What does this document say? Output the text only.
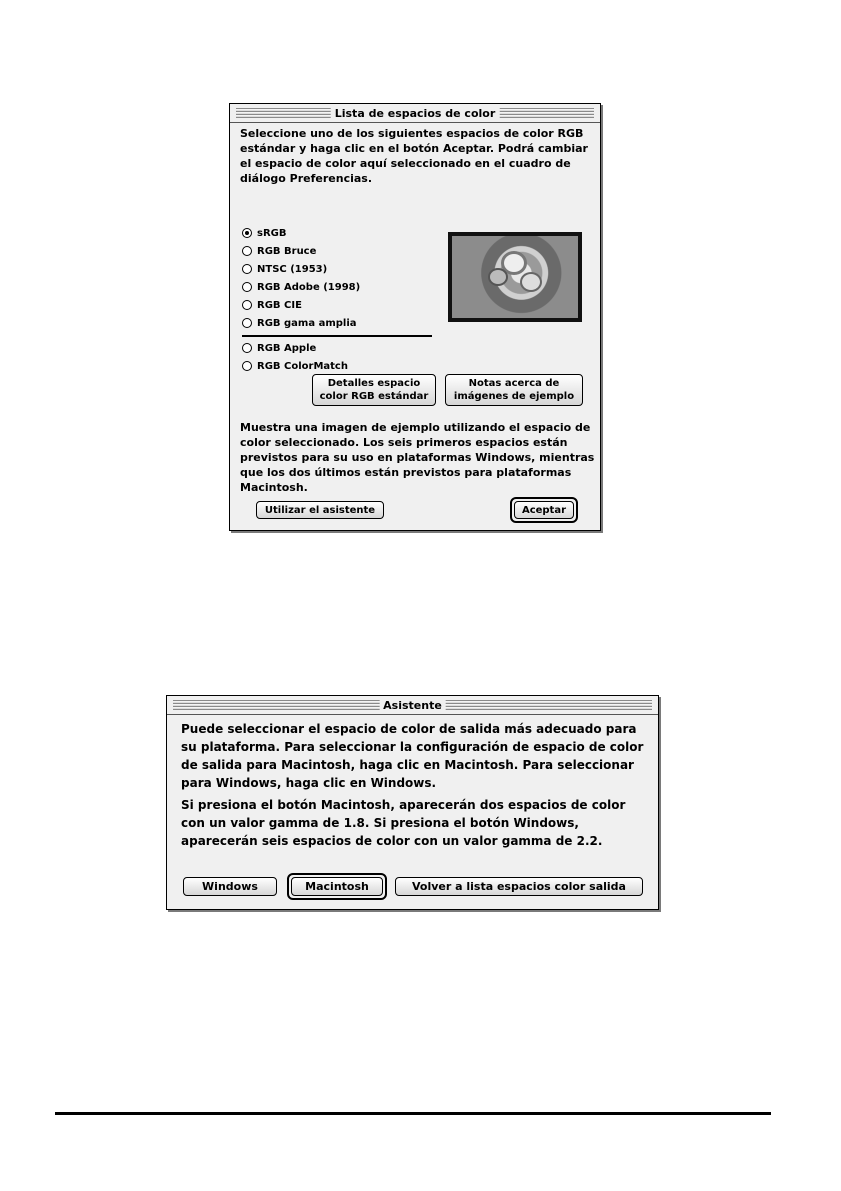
Lista de espacios de color
Seleccione uno de los siguientes espacios de color RGB estándar y haga clic en el botón Aceptar. Podrá cambiar el espacio de color aquí seleccionado en el cuadro de diálogo Preferencias.
sRGB
RGB Bruce
NTSC (1953)
RGB Adobe (1998)
RGB CIE
RGB gama amplia
RGB Apple
RGB ColorMatch
Detalles espacio
color RGB estándar
Notas acerca de
imágenes de ejemplo
Muestra una imagen de ejemplo utilizando el espacio de color seleccionado. Los seis primeros espacios están previstos para su uso en plataformas Windows, mientras que los dos últimos están previstos para plataformas Macintosh.
Utilizar el asistente	Aceptar
Asistente
Puede seleccionar el espacio de color de salida más adecuado para su plataforma. Para seleccionar la configuración de espacio de color de salida para Macintosh, haga clic en Macintosh. Para seleccionar para Windows, haga clic en Windows.
Si presiona el botón Macintosh, aparecerán dos espacios de color con un valor gamma de 1.8. Si presiona el botón Windows, aparecerán seis espacios de color con un valor gamma de 2.2.
Windows	Macintosh	Volver a lista espacios color salida
